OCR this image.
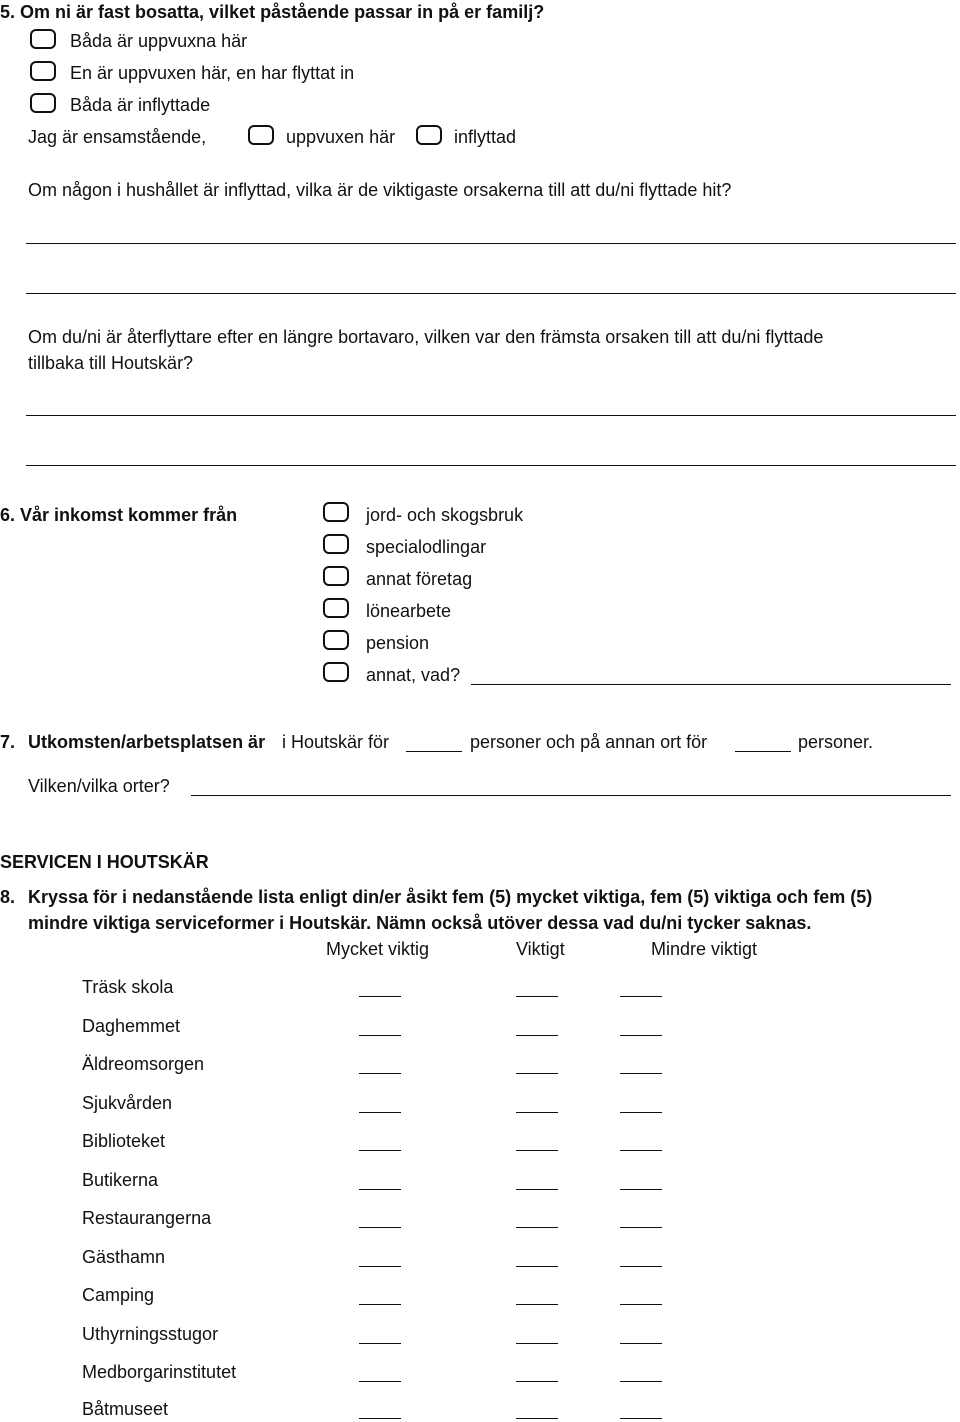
5. Om ni är fast bosatta, vilket påstående passar in på er familj?
Båda är uppvuxna här
En är uppvuxen här, en har flyttat in
Båda är inflyttade
Jag är ensamstående,	uppvuxen här	inflyttad
Om någon i hushållet är inflyttad, vilka är de viktigaste orsakerna till att du/ni flyttade hit?
Om du/ni är återflyttare efter en längre bortavaro, vilken var den främsta orsaken till att du/ni flyttade
tillbaka till Houtskär?
6. Vår inkomst kommer från	jord- och skogsbruk
specialodlingar
annat företag
lönearbete
pension
annat, vad?
7. Utkomsten/arbetsplatsen är i Houtskär för	personer och på annan ort för	personer.
Vilken/vilka orter?
SERVICEN I HOUTSKÄR
8. Kryssa för i nedanstående lista enligt din/er åsikt fem (5) mycket viktiga, fem (5) viktiga och fem (5)
mindre viktiga serviceformer i Houtskär. Nämn också utöver dessa vad du/ni tycker saknas.
Mycket viktig	Viktigt	Mindre viktigt
Träsk skola
Daghemmet
Äldreomsorgen
Sjukvården
Biblioteket
Butikerna
Restaurangerna
Gästhamn
Camping
Uthyrningsstugor
Medborgarinstitutet
Båtmuseet
